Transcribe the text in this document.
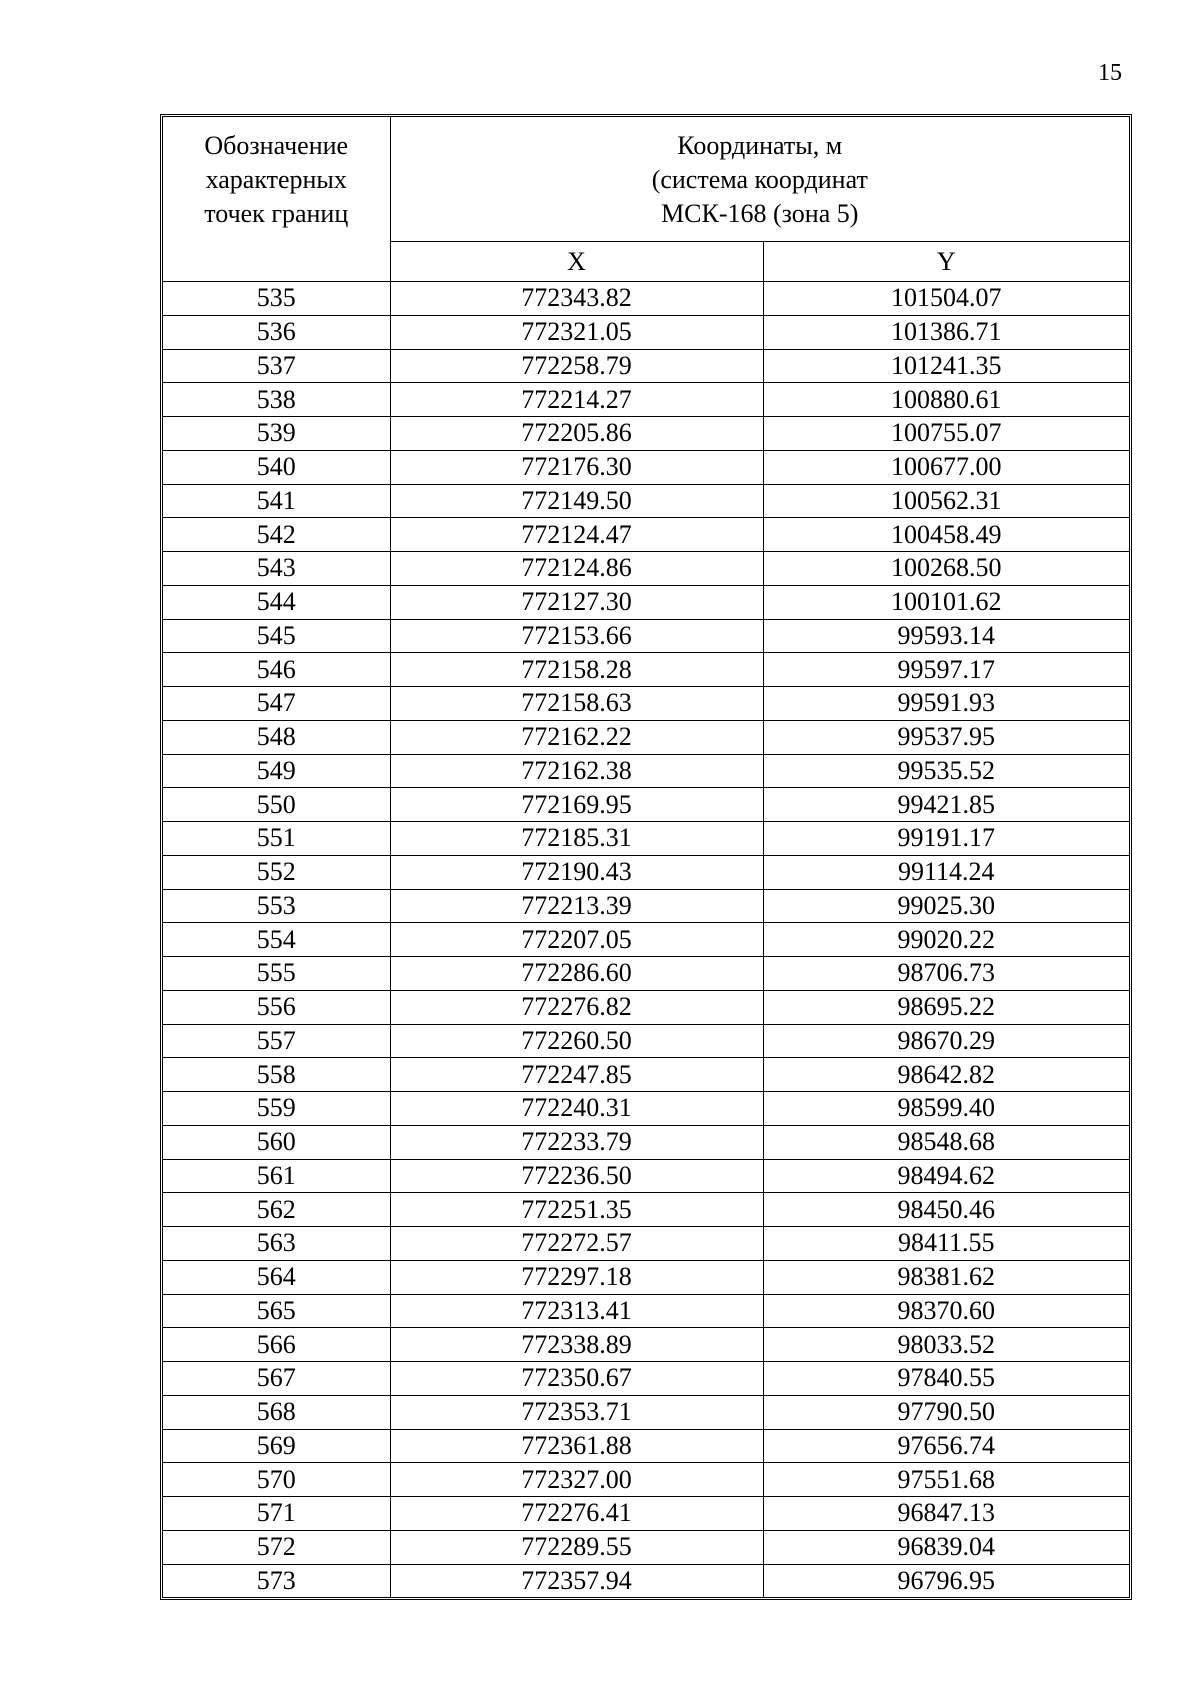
15
Обозначение
характерных
точек границ	Координаты, м
(система координат
МСК-168 (зона 5)	

	X	Y
535	772343.82	101504.07
536	772321.05	101386.71
537	772258.79	101241.35
538	772214.27	100880.61
539	772205.86	100755.07
540	772176.30	100677.00
541	772149.50	100562.31
542	772124.47	100458.49
543	772124.86	100268.50
544	772127.30	100101.62
545	772153.66	99593.14
546	772158.28	99597.17
547	772158.63	99591.93
548	772162.22	99537.95
549	772162.38	99535.52
550	772169.95	99421.85
551	772185.31	99191.17
552	772190.43	99114.24
553	772213.39	99025.30
554	772207.05	99020.22
555	772286.60	98706.73
556	772276.82	98695.22
557	772260.50	98670.29
558	772247.85	98642.82
559	772240.31	98599.40
560	772233.79	98548.68
561	772236.50	98494.62
562	772251.35	98450.46
563	772272.57	98411.55
564	772297.18	98381.62
565	772313.41	98370.60
566	772338.89	98033.52
567	772350.67	97840.55
568	772353.71	97790.50
569	772361.88	97656.74
570	772327.00	97551.68
571	772276.41	96847.13
572	772289.55	96839.04
573	772357.94	96796.95
